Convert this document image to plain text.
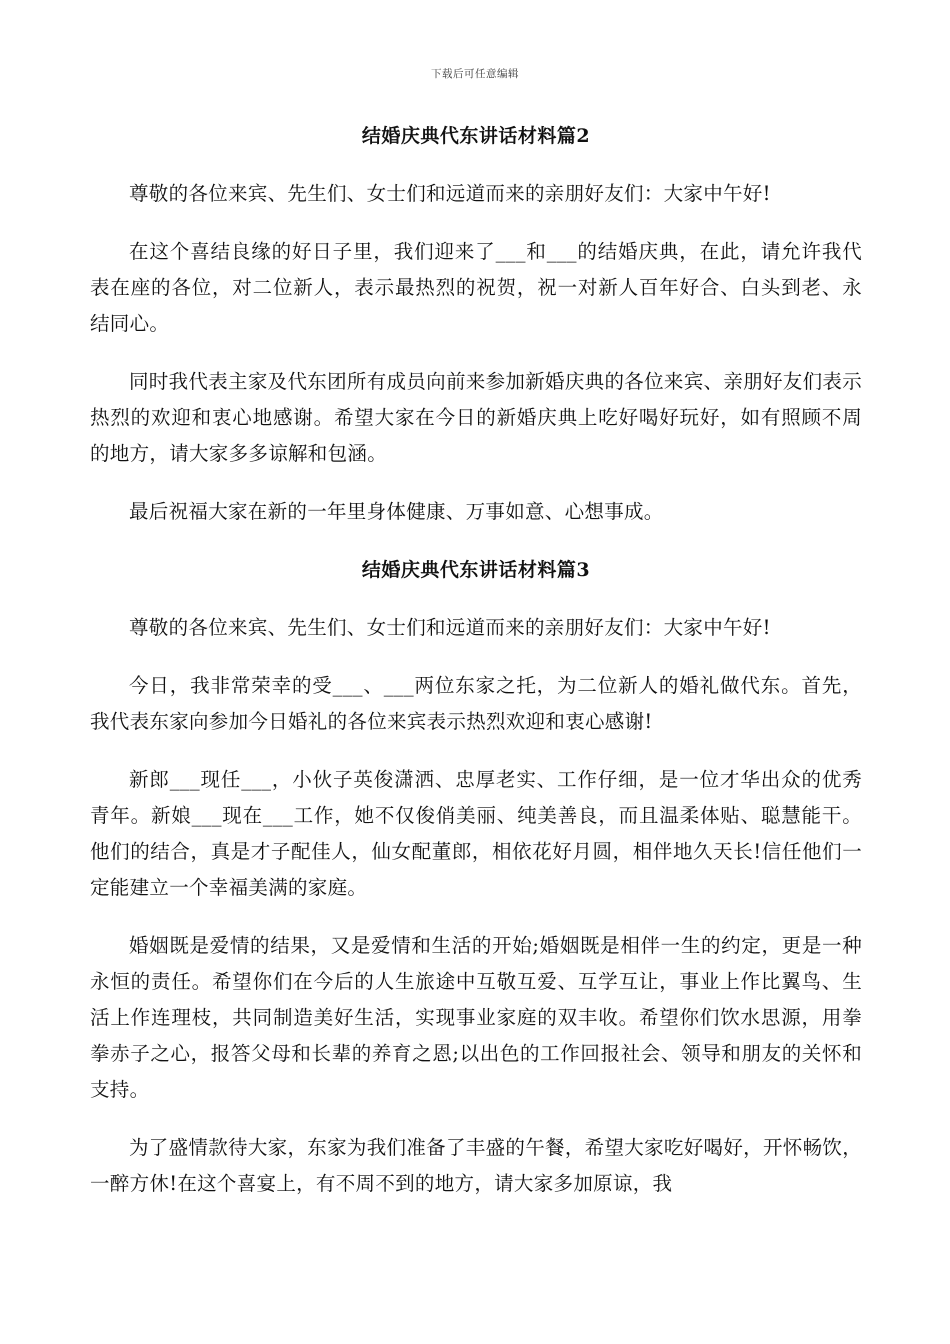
下载后可任意编辑
结婚庆典代东讲话材料篇2

尊敬的各位来宾、先生们、女士们和远道而来的亲朋好友们：大家中午好!

在这个喜结良缘的好日子里，我们迎来了___和___的结婚庆典，在此，请允许我代表在座的各位，对二位新人，表示最热烈的祝贺，祝一对新人百年好合、白头到老、永结同心。

同时我代表主家及代东团所有成员向前来参加新婚庆典的各位来宾、亲朋好友们表示热烈的欢迎和衷心地感谢。希望大家在今日的新婚庆典上吃好喝好玩好，如有照顾不周的地方，请大家多多谅解和包涵。

最后祝福大家在新的一年里身体健康、万事如意、心想事成。

结婚庆典代东讲话材料篇3

尊敬的各位来宾、先生们、女士们和远道而来的亲朋好友们：大家中午好!

今日，我非常荣幸的受___、___两位东家之托，为二位新人的婚礼做代东。首先，我代表东家向参加今日婚礼的各位来宾表示热烈欢迎和衷心感谢!

新郎___现任___，小伙子英俊潇洒、忠厚老实、工作仔细，是一位才华出众的优秀青年。新娘___现在___工作，她不仅俊俏美丽、纯美善良，而且温柔体贴、聪慧能干。他们的结合，真是才子配佳人，仙女配董郎，相依花好月圆，相伴地久天长!信任他们一定能建立一个幸福美满的家庭。

婚姻既是爱情的结果，又是爱情和生活的开始;婚姻既是相伴一生的约定，更是一种永恒的责任。希望你们在今后的人生旅途中互敬互爱、互学互让，事业上作比翼鸟、生活上作连理枝，共同制造美好生活，实现事业家庭的双丰收。希望你们饮水思源，用拳拳赤子之心，报答父母和长辈的养育之恩;以出色的工作回报社会、领导和朋友的关怀和支持。

为了盛情款待大家，东家为我们准备了丰盛的午餐，希望大家吃好喝好，开怀畅饮，一醉方休!在这个喜宴上，有不周不到的地方，请大家多加原谅，我
